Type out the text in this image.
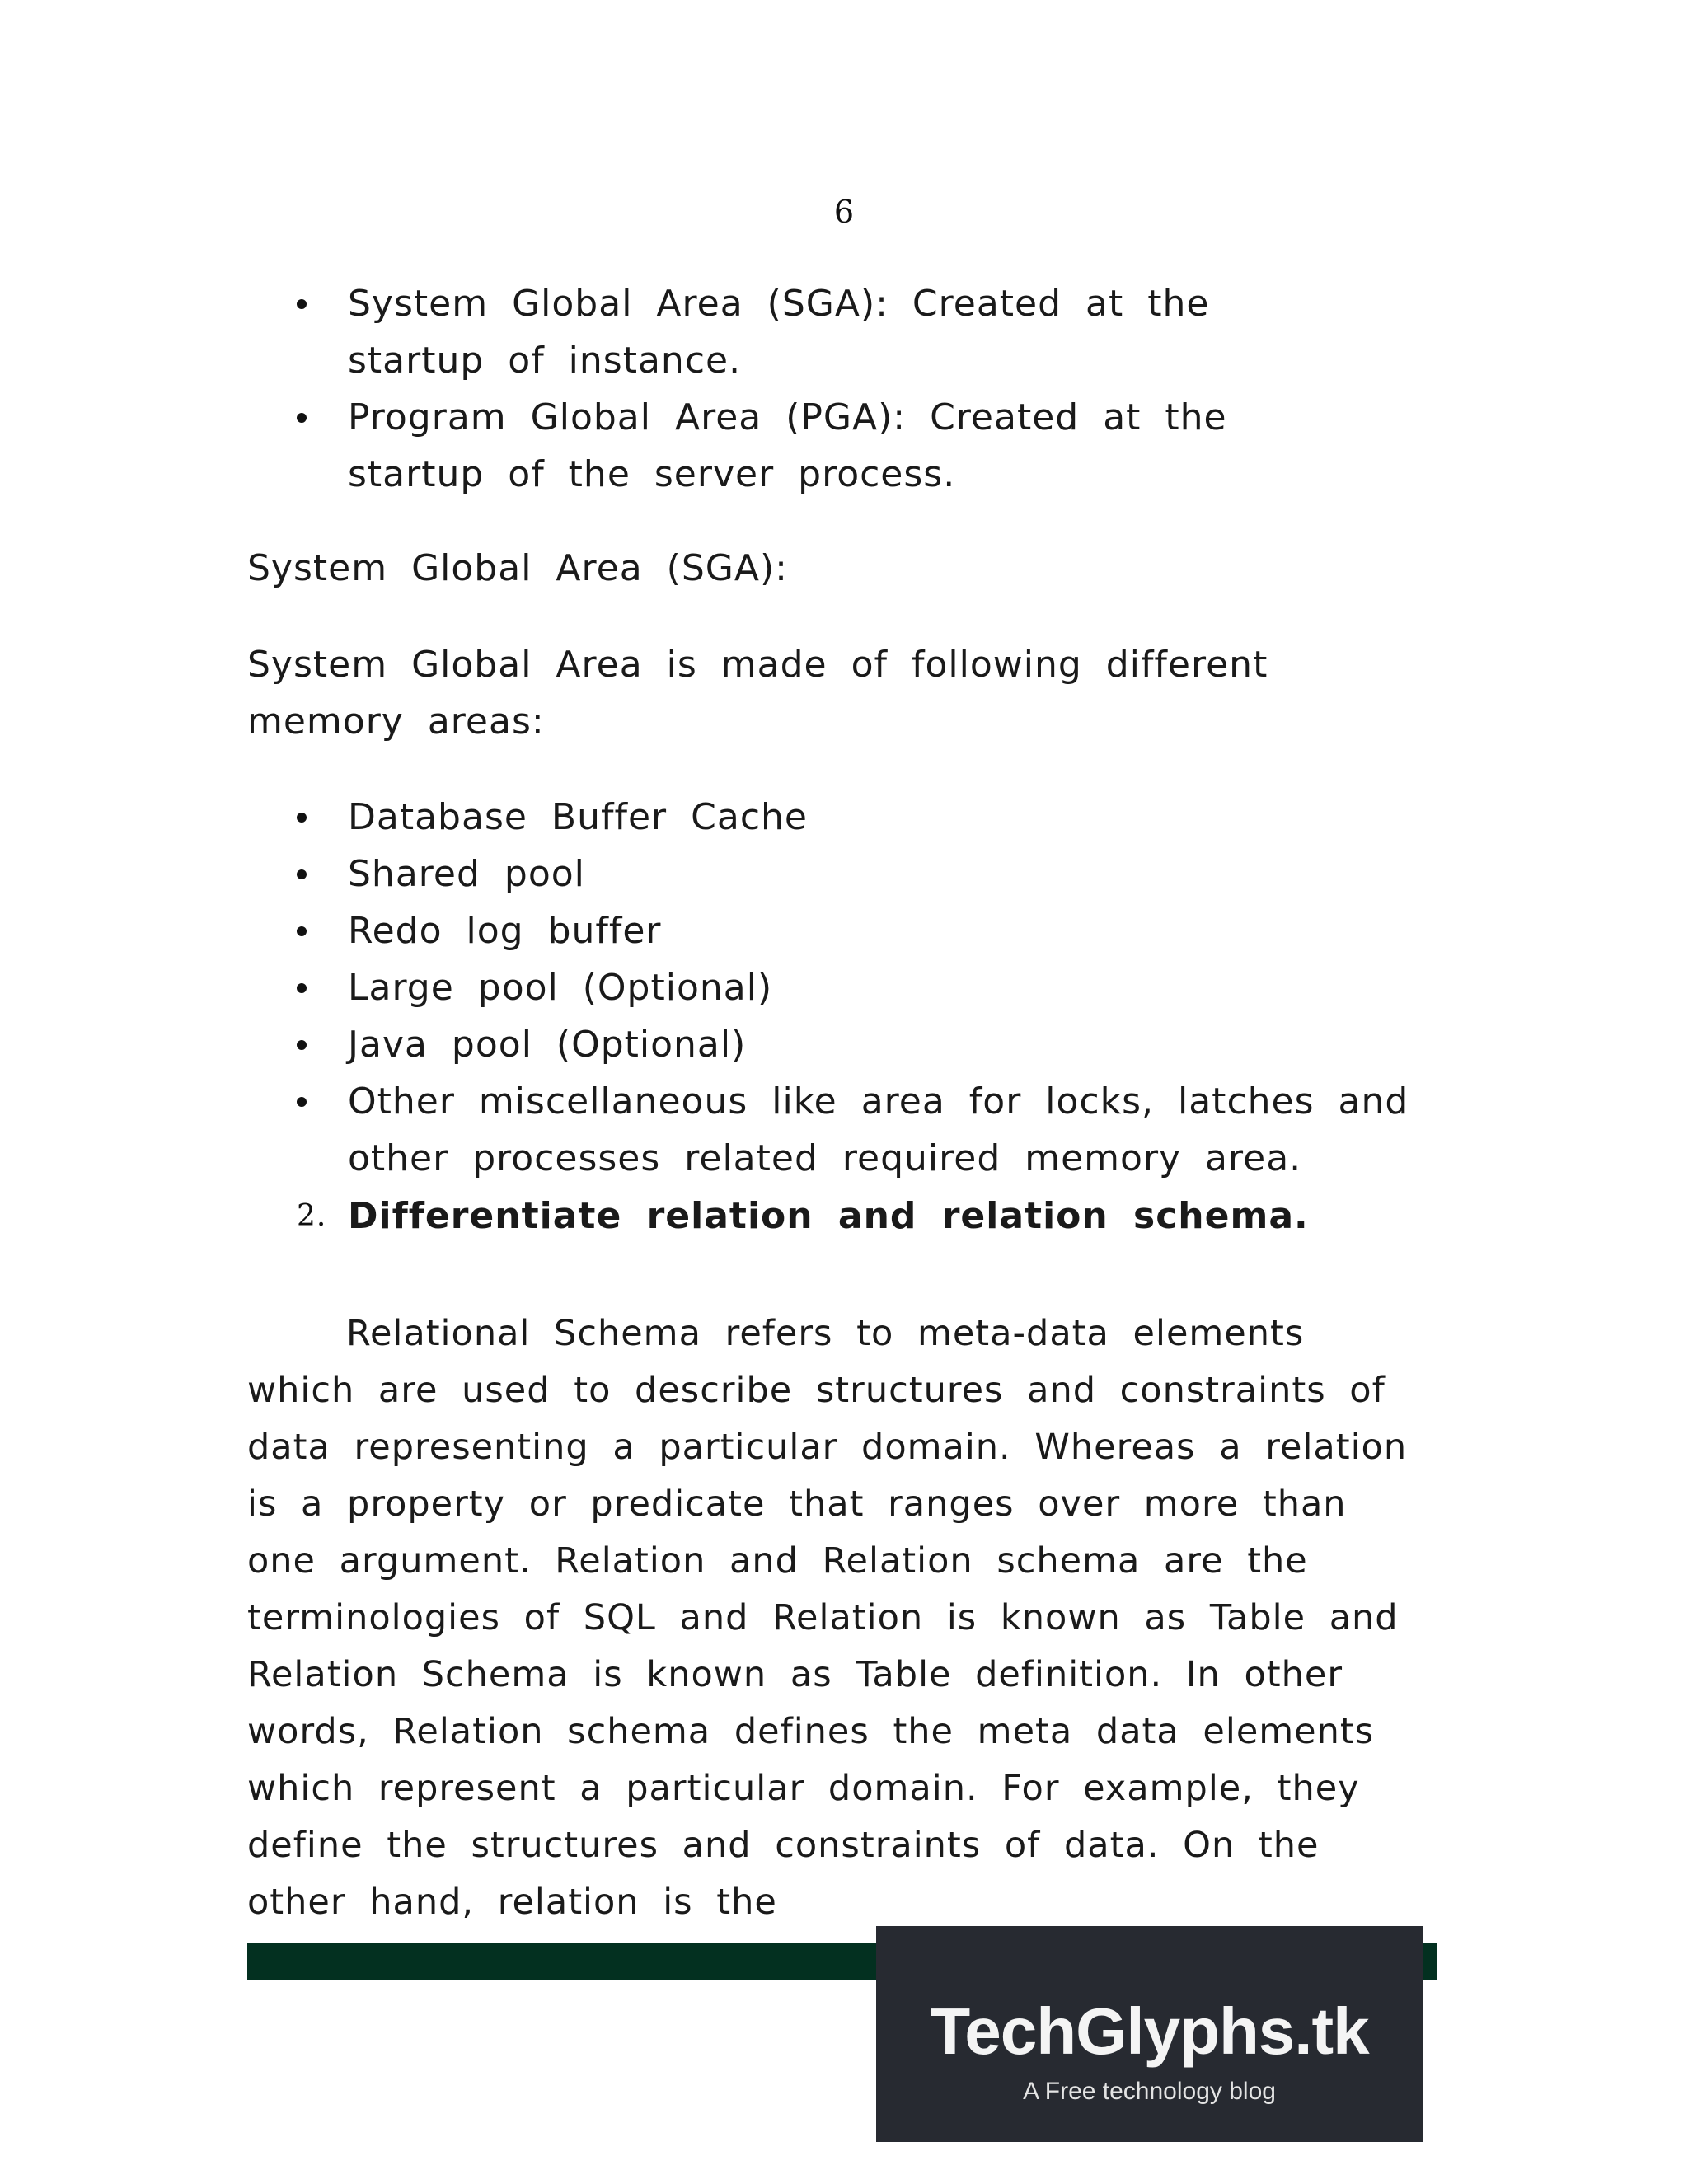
6
System Global Area (SGA): Created at the startup of instance.
Program Global Area (PGA): Created at the startup of the server process.

System Global Area (SGA):

System Global Area is made of following different memory areas:

Database Buffer Cache
Shared pool
Redo log buffer
Large pool (Optional)
Java pool (Optional)
Other miscellaneous like area for locks, latches and other processes related required memory area.
2. Differentiate relation and relation schema.

Relational Schema refers to meta-data elements which are used to describe structures and constraints of data representing a particular domain. Whereas a relation is a property or predicate that ranges over more than one argument. Relation and Relation schema are the terminologies of SQL and Relation is known as Table and Relation Schema is known as Table definition. In other words, Relation schema defines the meta data elements which represent a particular domain. For example, they define the structures and constraints of data. On the other hand, relation is the

TechGlyphs.tk
A Free technology blog
